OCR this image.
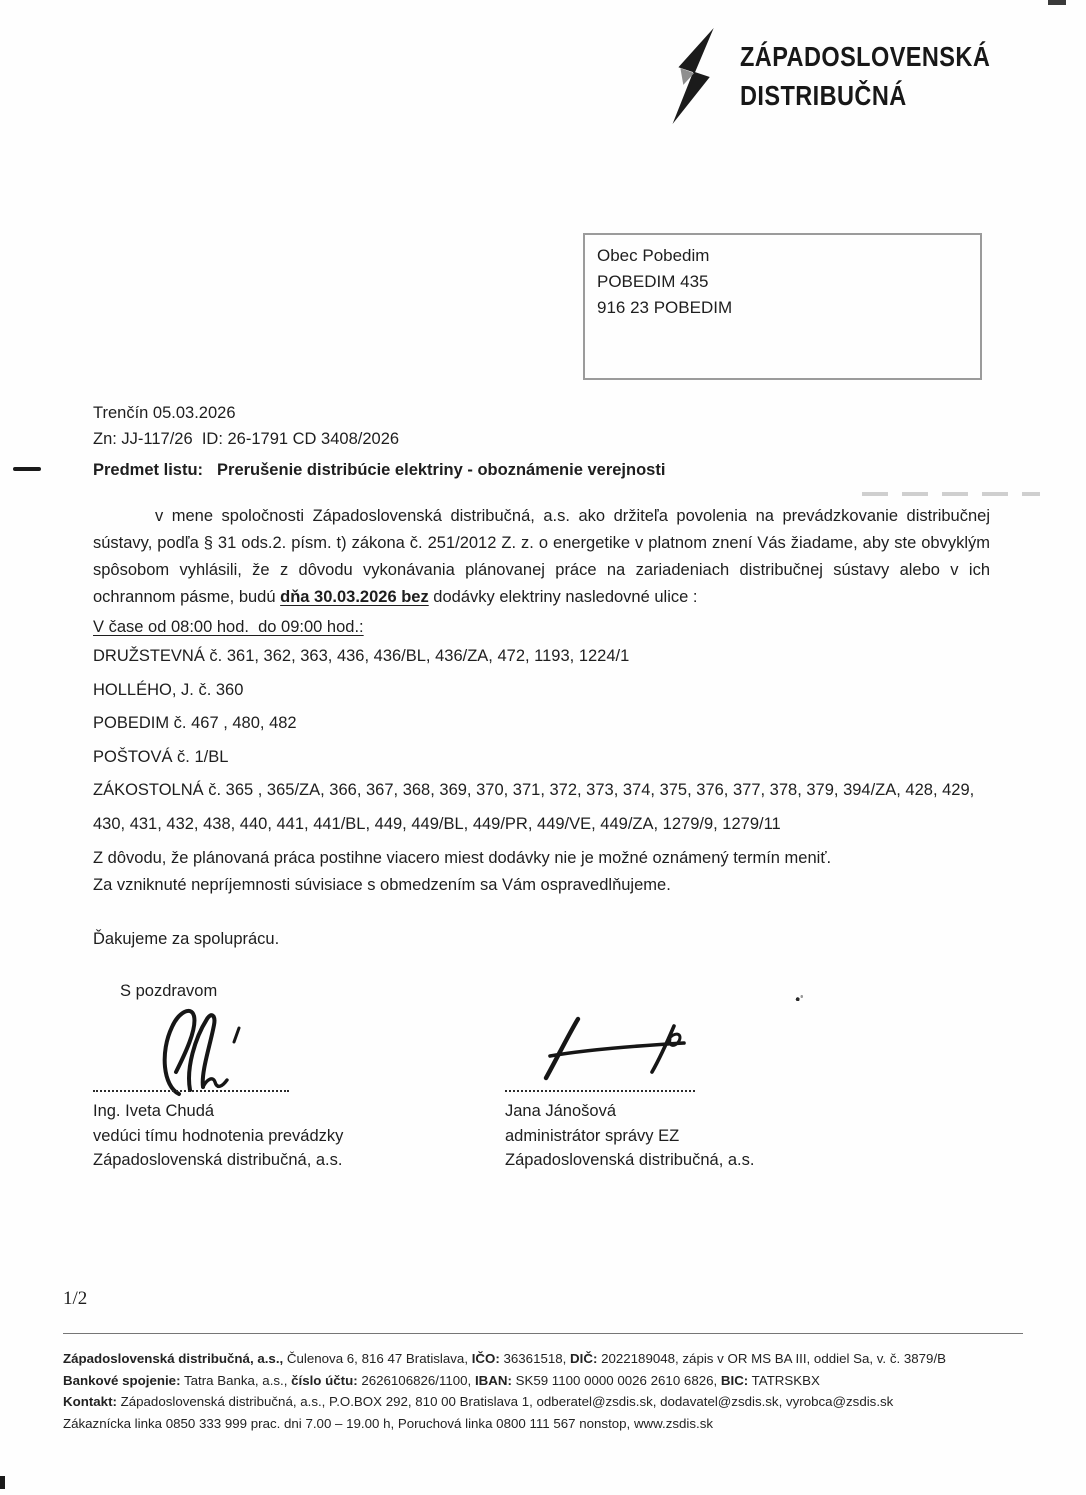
ZÁPADOSLOVENSKÁ
DISTRIBUČNÁ
Obec Pobedim
POBEDIM 435
916 23 POBEDIM

Trenčín 05.03.2026

Zn: JJ-117/26  ID: 26-1791 CD 3408/2026

Predmet listu: Prerušenie distribúcie elektriny - oboznámenie verejnosti

v mene spoločnosti Západoslovenská distribučná, a.s. ako držiteľa povolenia na prevádzkovanie distribučnej sústavy, podľa § 31 ods.2. písm. t) zákona č. 251/2012 Z. z. o energetike v platnom znení Vás žiadame, aby ste obvyklým spôsobom vyhlásili, že z dôvodu vykonávania plánovanej práce na zariadeniach distribučnej sústavy alebo v ich ochrannom pásme, budú dňa 30.03.2026 bez dodávky elektriny nasledovné ulice :

V čase od 08:00 hod.  do 09:00 hod.:

DRUŽSTEVNÁ č. 361, 362, 363, 436, 436/BL, 436/ZA, 472, 1193, 1224/1

HOLLÉHO, J. č. 360

POBEDIM č. 467 , 480, 482

POŠTOVÁ č. 1/BL

ZÁKOSTOLNÁ č. 365 , 365/ZA, 366, 367, 368, 369, 370, 371, 372, 373, 374, 375, 376, 377, 378, 379, 394/ZA, 428, 429, 430, 431, 432, 438, 440, 441, 441/BL, 449, 449/BL, 449/PR, 449/VE, 449/ZA, 1279/9, 1279/11

Z dôvodu, že plánovaná práca postihne viacero miest dodávky nie je možné oznámený termín meniť.

Za vzniknuté nepríjemnosti súvisiace s obmedzením sa Vám ospravedlňujeme.

Ďakujeme za spoluprácu.
S pozdravom

Ing. Iveta Chudá

vedúci tímu hodnotenia prevádzky

Západoslovenská distribučná, a.s.

Jana Jánošová

administrátor správy EZ

Západoslovenská distribučná, a.s.

1/2

Západoslovenská distribučná, a.s., Čulenova 6, 816 47 Bratislava, IČO: 36361518, DIČ: 2022189048, zápis v OR MS BA III, oddiel Sa, v. č. 3879/B

Bankové spojenie: Tatra Banka, a.s., číslo účtu: 2626106826/1100, IBAN: SK59 1100 0000 0026 2610 6826, BIC: TATRSKBX

Kontakt: Západoslovenská distribučná, a.s., P.O.BOX 292, 810 00 Bratislava 1, odberatel@zsdis.sk, dodavatel@zsdis.sk, vyrobca@zsdis.sk

Zákaznícka linka 0850 333 999 prac. dni 7.00 – 19.00 h, Poruchová linka 0800 111 567 nonstop, www.zsdis.sk
